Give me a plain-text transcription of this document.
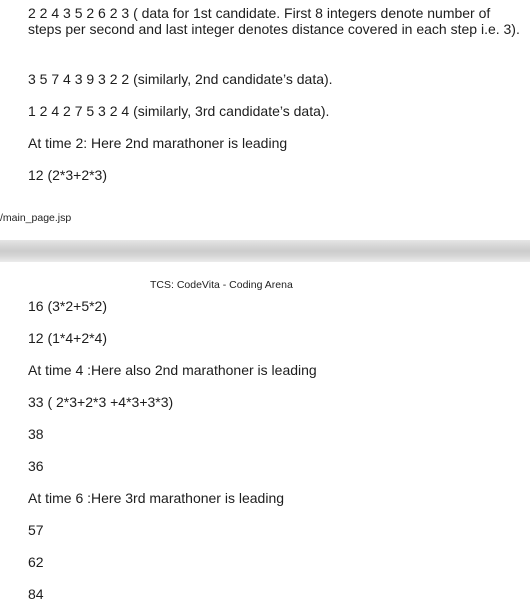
2 2 4 3 5 2 6 2 3 ( data for 1st candidate. First 8 integers denote number of steps per second and last integer denotes distance covered in each step i.e. 3).
3 5 7 4 3 9 3 2 2 (similarly, 2nd candidate’s data).
1 2 4 2 7 5 3 2 4 (similarly, 3rd candidate’s data).
At time 2: Here 2nd marathoner is leading
12 (2*3+2*3)
/main_page.jsp
TCS: CodeVita - Coding Arena
16 (3*2+5*2)
12 (1*4+2*4)
At time 4 :Here also 2nd marathoner is leading
33 ( 2*3+2*3 +4*3+3*3)
38
36
At time 6 :Here 3rd marathoner is leading
57
62
84
